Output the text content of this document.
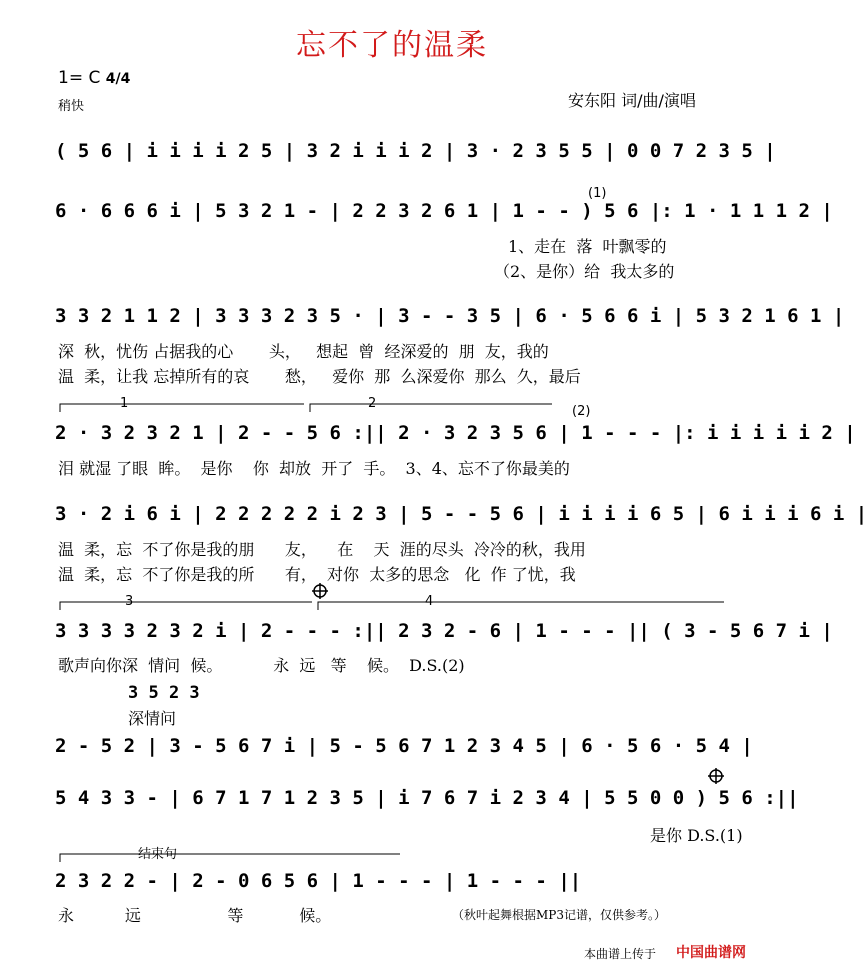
忘不了的温柔
1= C 4/4
稍快	安东阳 词/曲/演唱
( 5 6 | i i i i 2 5 | 3 2 i i i 2 | 3 · 2 3 5 5 | 0 0 7 2 3 5 |
6 · 6 6 6 i | 5 3 2 1 - | 2 2 3 2 6 1 | 1 - - ) 5 6 |: 1 · 1 1 1 2 |
3 3 2 1 1 2 | 3 3 3 2 3 5 · | 3 - - 3 5 | 6 · 5 6 6 i | 5 3 2 1 6 1 |
2 · 3 2 3 2 1 | 2 - - 5 6 :|| 2 · 3 2 3 5 6 | 1 - - - |: i i i i i 2 |
3 · 2 i 6 i | 2 2 2 2 2 i 2 3 | 5 - - 5 6 | i i i i 6 5 | 6 i i i 6 i |
3 3 3 3 2 3 2 i | 2 - - - :|| 2 3 2 - 6 | 1 - - - || ( 3 - 5 6 7 i |
2 - 5 2 | 3 - 5 6 7 i | 5 - 5 6 7 1 2 3 4 5 | 6 · 5 6 · 5 4 |
5 4 3 3 - | 6 7 1 7 1 2 3 5 | i 7 6 7 i 2 3 4 | 5 5 0 0 ) 5 6 :||
2 3 2 2 - | 2 - 0 6 5 6 | 1 - - - | 1 - - - ||
1、走在  落  叶飘零的
（2、是你）给  我太多的
深  秋，忧伤 占据我的心       头，   想起  曾  经深爱的  朋  友，我的
温  柔，让我 忘掉所有的哀       愁，   爱你  那  么深爱你  那么  久，最后
泪 就湿 了眼  眸。  是你    你  却放  开了  手。  3、4、忘不了你最美的
温  柔，忘  不了你是我的朋      友，    在    天  涯的尽头  冷冷的秋，我用
温  柔，忘  不了你是我的所      有，  对你  太多的思念   化  作 了忧，我
歌声向你深  情问  候。          永  远   等    候。  D.S.(2)
3 5 2 3
深情问
是你 D.S.(1)
永          远                 等           候。	（秋叶起舞根据MP3记谱，仅供参考。）
(1)
(2)
1	2
3	4
结束句
本曲谱上传于 中国曲谱网
